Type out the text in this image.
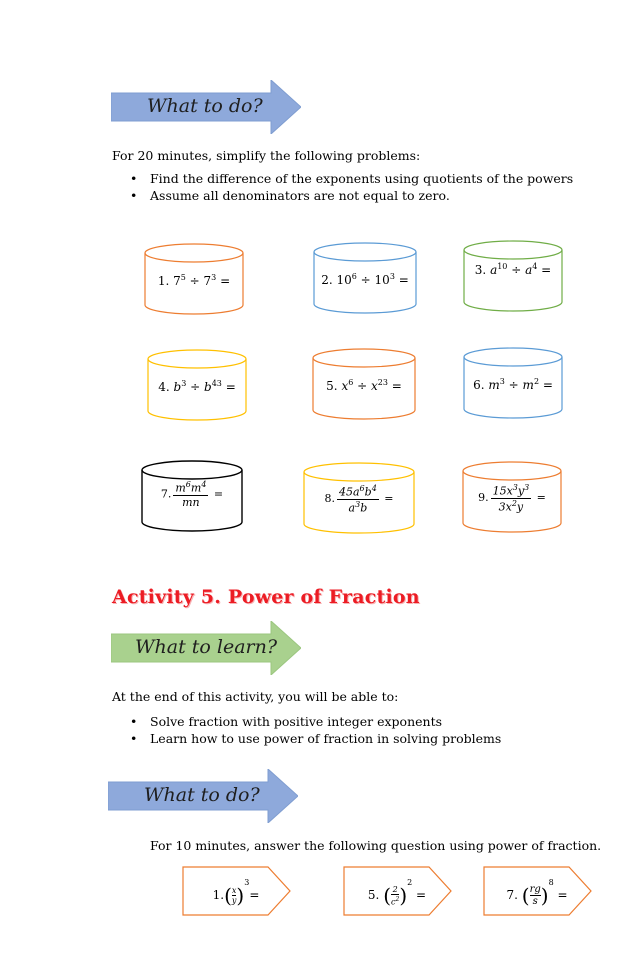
What to do?
For 20 minutes, simplify the following problems:
• Find the difference of the exponents using quotients of the powers
• Assume all denominators are not equal to zero.
1. $7^5 \div 7^3$ =	2. $10^6 \div 10^3$ =
3. $a^{10} \div a^4$ =
4. $b^3 \div b^{43}$ =	5. $x^6 \div x^{23}$ =	6. $m^3 \div m^2$ =
7. $\frac{m^6m^4}{mn}$ =	8. $\frac{45a^6b^4}{a^3b}$ =	9. $\frac{15x^3y^3}{3x^2y}$ =
Activity 5. Power of Fraction
What to learn?
At the end of this activity, you will be able to:
• Solve fraction with positive integer exponents
• Learn how to use power of fraction in solving problems
What to do?
For 10 minutes, answer the following question using power of fraction.
$1.( \frac{x}{y} )^3=$	5. ( $\frac{2}{c^2} )^2$ =	7. ( $\frac{rg}{s} )^8$ =
